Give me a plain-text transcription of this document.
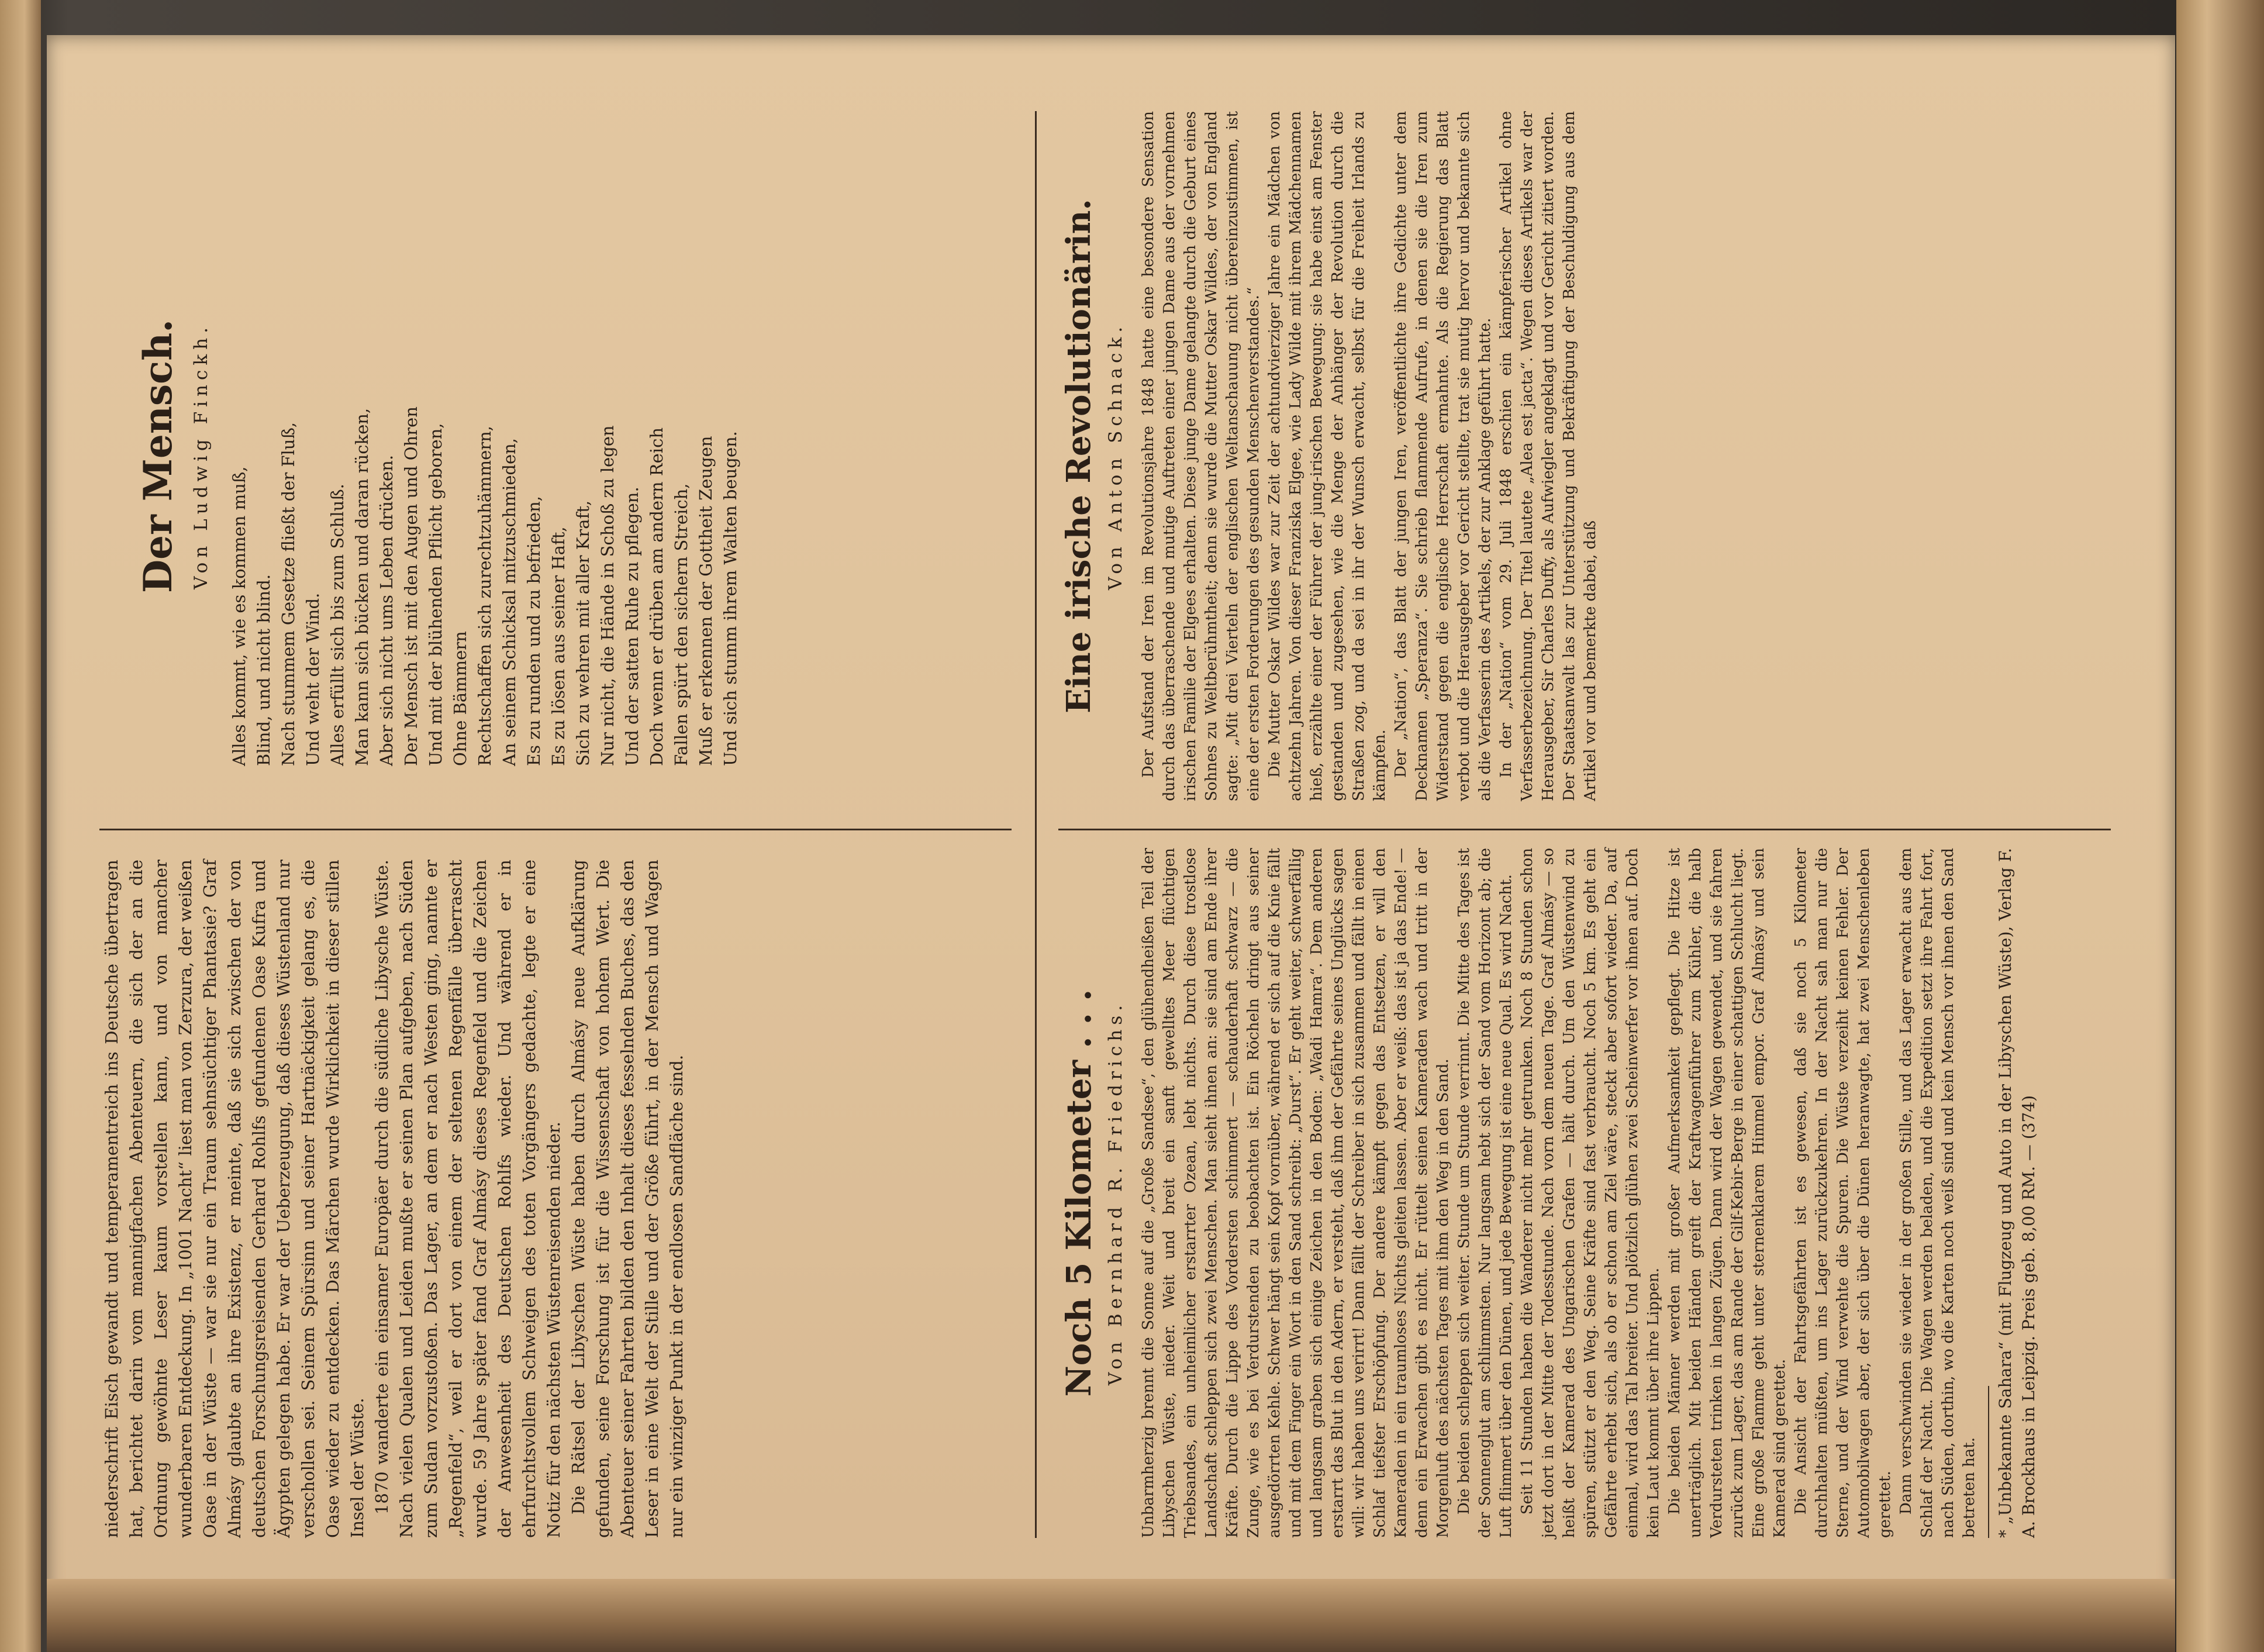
niederschrift Eisch gewandt und temperamentreich ins Deutsche übertragen hat, berichtet darin vom mannigfachen Abenteuern, die sich der an die Ordnung gewöhnte Leser kaum vorstellen kann, und von mancher wunderbaren Entdeckung. In „1001 Nacht“ liest man von Zerzura, der weißen Oase in der Wüste — war sie nur ein Traum sehnsüchtiger Phantasie? Graf Almásy glaubte an ihre Existenz, er meinte, daß sie sich zwischen der von deutschen Forschungsreisenden Gerhard Rohlfs gefundenen Oase Kufra und Ägypten gelegen habe. Er war der Ueberzeugung, daß dieses Wüstenland nur verschollen sei. Seinem Spürsinn und seiner Hartnäckigkeit gelang es, die Oase wieder zu entdecken. Das Märchen wurde Wirklichkeit in dieser stillen Insel der Wüste. 1870 wanderte ein einsamer Europäer durch die südliche Libysche Wüste. Nach vielen Qualen und Leiden mußte er seinen Plan aufgeben, nach Süden zum Sudan vorzustoßen. Das Lager, an dem er nach Westen ging, nannte er „Regenfeld“, weil er dort von einem der seltenen Regenfälle überrascht wurde. 59 Jahre später fand Graf Almásy dieses Regenfeld und die Zeichen der Anwesenheit des Deutschen Rohlfs wieder. Und während er in ehrfurchtsvollem Schweigen des toten Vorgängers gedachte, legte er eine Notiz für den nächsten Wüstenreisenden nieder. Die Rätsel der Libyschen Wüste haben durch Almásy neue Aufklärung gefunden, seine Forschung ist für die Wissenschaft von hohem Wert. Die Abenteuer seiner Fahrten bilden den Inhalt dieses fesselnden Buches, das den Leser in eine Welt der Stille und der Größe führt, in der Mensch und Wagen nur ein winziger Punkt in der endlosen Sandfläche sind.

Der Mensch. Von Ludwig Finckh.
Alles kommt, wie es kommen muß, Blind, und nicht blind. Nach stummem Gesetze fließt der Fluß, Und weht der Wind. Alles erfüllt sich bis zum Schluß. Man kann sich bücken und daran rücken, Aber sich nicht ums Leben drücken. Der Mensch ist mit den Augen und Ohren Und mit der blühenden Pflicht geboren, Ohne Bämmern Rechtschaffen sich zurechtzuhämmern, An seinem Schicksal mitzuschmieden, Es zu runden und zu befrieden, Es zu lösen aus seiner Haft, Sich zu wehren mit aller Kraft, Nur nicht, die Hände in Schoß zu legen Und der satten Ruhe zu pflegen. Doch wenn er drüben am andern Reich Fallen spürt den sichern Streich, Muß er erkennen der Gottheit Zeugen Und sich stumm ihrem Walten beugen.
Noch 5 Kilometer . . . Von Bernhard R. Friedrichs. Unbarmherzig brennt die Sonne auf die „Große Sandsee“, den glühendheißen Teil der Libyschen Wüste, nieder. Weit und breit ein sanft gewelltes Meer flüchtigen Triebsandes, ein unheimlicher erstarrter Ozean, lebt nichts. Durch diese trostlose Landschaft schleppen sich zwei Menschen. Man sieht ihnen an: sie sind am Ende ihrer Kräfte. Durch die Lippe des Vordersten schimmert — schauderhaft schwarz — die Zunge, wie es bei Verdurstenden zu beobachten ist. Ein Röcheln dringt aus seiner ausgedörrten Kehle. Schwer hängt sein Kopf vornüber, während er sich auf die Knie fällt und mit dem Finger ein Wort in den Sand schreibt: „Durst“. Er geht weiter, schwerfällig und langsam graben sich einige Zeichen in den Boden: „Wadi Hamra“. Dem anderen erstarrt das Blut in den Adern, er versteht, daß ihm der Gefährte seines Unglücks sagen will: wir haben uns verirrt! Dann fällt der Schreiber in sich zusammen und fällt in einen Schlaf tiefster Erschöpfung. Der andere kämpft gegen das Entsetzen, er will den Kameraden in ein traumloses Nichts gleiten lassen. Aber er weiß: das ist ja das Ende! — denn ein Erwachen gibt es nicht. Er rüttelt seinen Kameraden wach und tritt in der Morgenluft des nächsten Tages mit ihm den Weg in den Sand. Die beiden schleppen sich weiter. Stunde um Stunde verrinnt. Die Mitte des Tages ist der Sonnenglut am schlimmsten. Nur langsam hebt sich der Sand vom Horizont ab; die Luft flimmert über den Dünen, und jede Bewegung ist eine neue Qual. Es wird Nacht. Seit 11 Stunden haben die Wanderer nicht mehr getrunken. Noch 8 Stunden schon jetzt dort in der Mitte der Todesstunde. Nach vorn dem neuen Tage. Graf Almásy — so heißt der Kamerad des Ungarischen Grafen — hält durch. Um den Wüstenwind zu spüren, stützt er den Weg. Seine Kräfte sind fast verbraucht. Noch 5 km. Es geht ein Gefährte erhebt sich, als ob er schon am Ziel wäre, steckt aber sofort wieder. Da, auf einmal, wird das Tal breiter. Und plötzlich glühen zwei Scheinwerfer vor ihnen auf. Doch kein Laut kommt über ihre Lippen. Die beiden Männer werden mit großer Aufmerksamkeit gepflegt. Die Hitze ist unerträglich. Mit beiden Händen greift der Kraftwagenführer zum Kühler, die halb Verdursteten trinken in langen Zügen. Dann wird der Wagen gewendet, und sie fahren zurück zum Lager, das am Rande der Gilf-Kebir-Berge in einer schattigen Schlucht liegt. Eine große Flamme geht unter sternenklarem Himmel empor. Graf Almásy und sein Kamerad sind gerettet. Die Ansicht der Fahrtsgefährten ist es gewesen, daß sie noch 5 Kilometer durchhalten müßten, um ins Lager zurückzukehren. In der Nacht sah man nur die Sterne, und der Wind verwehte die Spuren. Die Wüste verzeiht keinen Fehler. Der Automobilwagen aber, der sich über die Dünen heranwagte, hat zwei Menschenleben gerettet. Dann verschwinden sie wieder in der großen Stille, und das Lager erwacht aus dem Schlaf der Nacht. Die Wagen werden beladen, und die Expedition setzt ihre Fahrt fort, nach Süden, dorthin, wo die Karten noch weiß sind und kein Mensch vor ihnen den Sand betreten hat. * „Unbekannte Sahara“ (mit Flugzeug und Auto in der Libyschen Wüste), Verlag F. A. Brockhaus in Leipzig. Preis geb. 8,00 RM. — (374)
Eine irische Revolutionärin. Von Anton Schnack. Der Aufstand der Iren im Revolutionsjahre 1848 hatte eine besondere Sensation durch das überraschende und mutige Auftreten einer jungen Dame aus der vornehmen irischen Familie der Elgees erhalten. Diese junge Dame gelangte durch die Geburt eines Sohnes zu Weltberühmtheit; denn sie wurde die Mutter Oskar Wildes, der von England sagte: „Mit drei Vierteln der englischen Weltanschauung nicht übereinzustimmen, ist eine der ersten Forderungen des gesunden Menschenverstandes.“ Die Mutter Oskar Wildes war zur Zeit der achtundvierziger Jahre ein Mädchen von achtzehn Jahren. Von dieser Franziska Elgee, wie Lady Wilde mit ihrem Mädchennamen hieß, erzählte einer der Führer der jung-irischen Bewegung: sie habe einst am Fenster gestanden und zugesehen, wie die Menge der Anhänger der Revolution durch die Straßen zog, und da sei in ihr der Wunsch erwacht, selbst für die Freiheit Irlands zu kämpfen. Der „Nation“, das Blatt der jungen Iren, veröffentlichte ihre Gedichte unter dem Decknamen „Speranza“. Sie schrieb flammende Aufrufe, in denen sie die Iren zum Widerstand gegen die englische Herrschaft ermahnte. Als die Regierung das Blatt verbot und die Herausgeber vor Gericht stellte, trat sie mutig hervor und bekannte sich als die Verfasserin des Artikels, der zur Anklage geführt hatte. In der „Nation“ vom 29. Juli 1848 erschien ein kämpferischer Artikel ohne Verfasserbezeichnung. Der Titel lautete „Alea est jacta“. Wegen dieses Artikels war der Herausgeber, Sir Charles Duffy, als Aufwiegler angeklagt und vor Gericht zitiert worden. Der Staatsanwalt las zur Unterstützung und Bekräftigung der Beschuldigung aus dem Artikel vor und bemerkte dabei, daß
